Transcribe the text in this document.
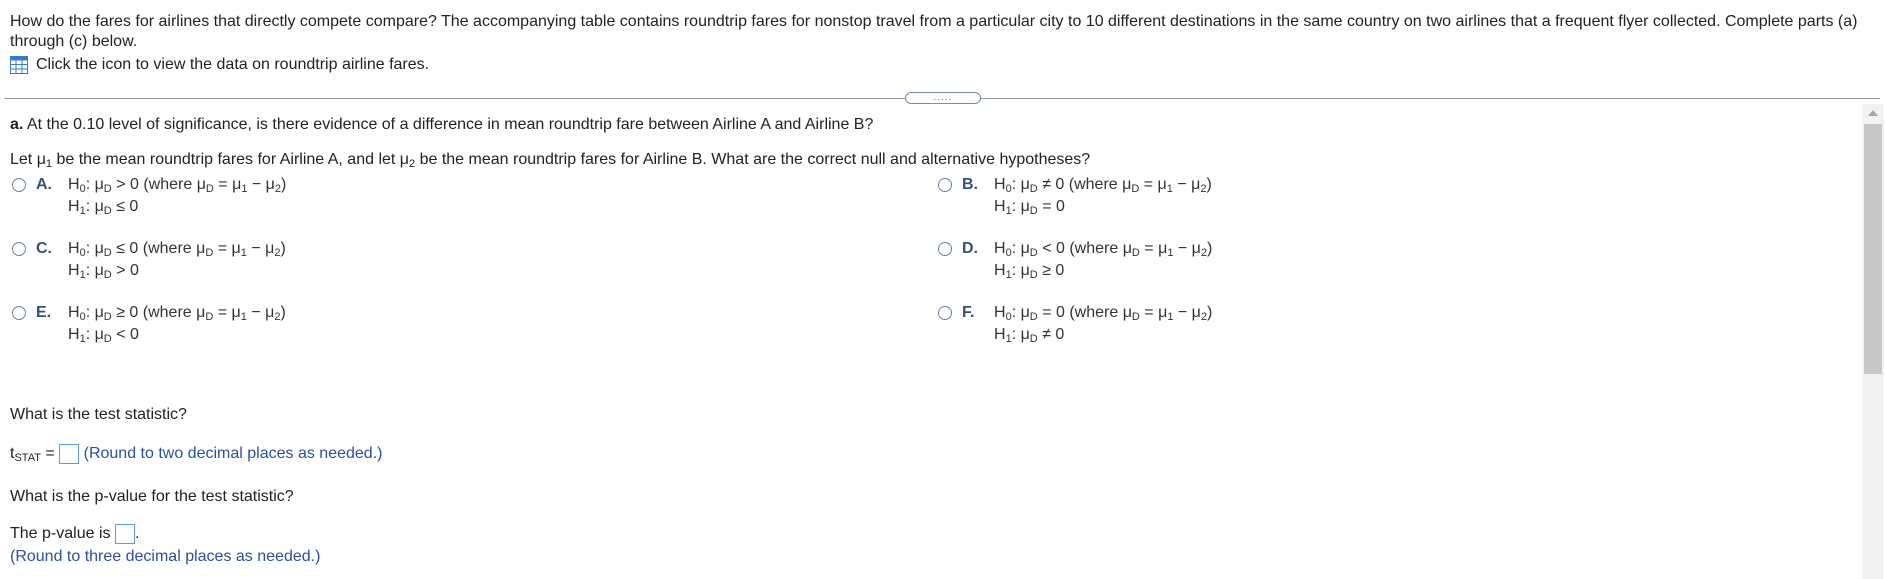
How do the fares for airlines that directly compete compare? The accompanying table contains roundtrip fares for nonstop travel from a particular city to 10 different destinations in the same country on two airlines that a frequent flyer collected. Complete parts (a) through (c) below.
Click the icon to view the data on roundtrip airline fares.
.....
a. At the 0.10 level of significance, is there evidence of a difference in mean roundtrip fare between Airline A and Airline B?
Let $\mu_1$ be the mean roundtrip fares for Airline A, and let $\mu_2$ be the mean roundtrip fares for Airline B. What are the correct null and alternative hypotheses?
A. $H_0$: $\mu_D > 0$ (where $\mu_D = \mu_1 - \mu_2$)
$H_1$: $\mu_D \le 0$
B. $H_0$: $\mu_D \ne 0$ (where $\mu_D = \mu_1 - \mu_2$)
$H_1$: $\mu_D = 0$
C. $H_0$: $\mu_D \le 0$ (where $\mu_D = \mu_1 - \mu_2$)
$H_1$: $\mu_D > 0$
D. $H_0$: $\mu_D < 0$ (where $\mu_D = \mu_1 - \mu_2$)
$H_1$: $\mu_D \ge 0$
E. $H_0$: $\mu_D \ge 0$ (where $\mu_D = \mu_1 - \mu_2$)
$H_1$: $\mu_D < 0$
F. $H_0$: $\mu_D = 0$ (where $\mu_D = \mu_1 - \mu_2$)
$H_1$: $\mu_D \ne 0$
What is the test statistic?
$t_{STAT}$ =  (Round to two decimal places as needed.)
What is the p-value for the test statistic?
The p-value is .
(Round to three decimal places as needed.)
